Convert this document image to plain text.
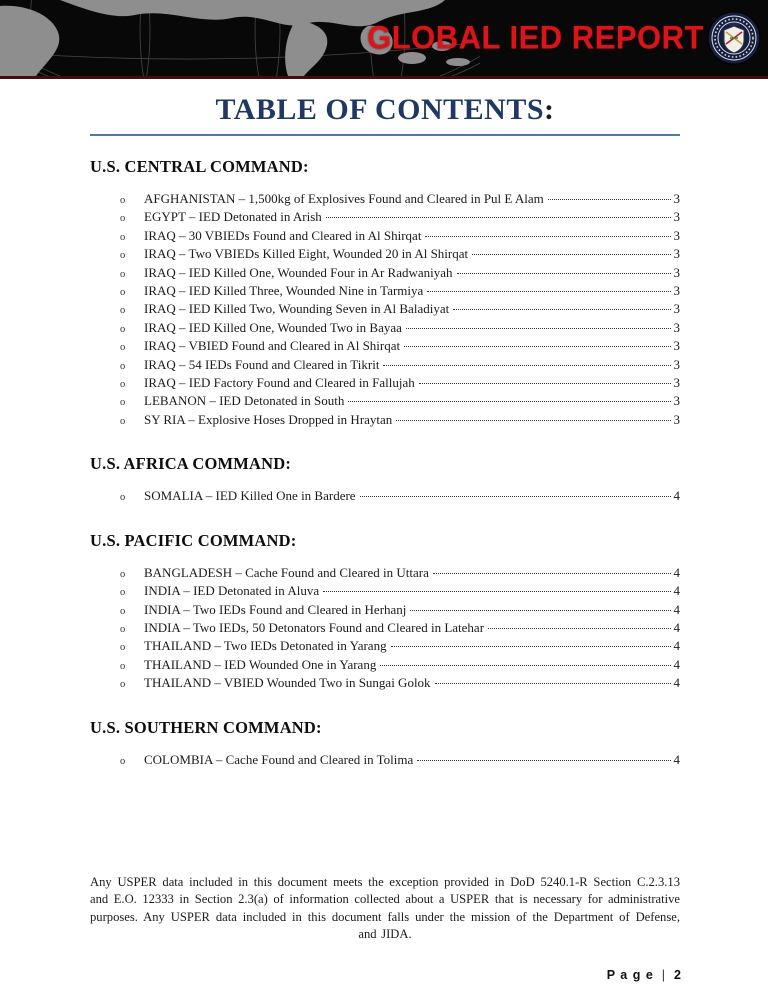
GLOBAL IED REPORT
TABLE OF CONTENTS:
U.S. CENTRAL COMMAND:
o	AFGHANISTAN – 1,500kg of Explosives Found and Cleared in Pul E Alam	3
o	EGYPT – IED Detonated in Arish	3
o	IRAQ – 30 VBIEDs Found and Cleared in Al Shirqat	3
o	IRAQ – Two VBIEDs Killed Eight, Wounded 20 in Al Shirqat	3
o	IRAQ – IED Killed One, Wounded Four in Ar Radwaniyah	3
o	IRAQ – IED Killed Three, Wounded Nine in Tarmiya	3
o	IRAQ – IED Killed Two, Wounding Seven in Al Baladiyat	3
o	IRAQ – IED Killed One, Wounded Two in Bayaa	3
o	IRAQ – VBIED Found and Cleared in Al Shirqat	3
o	IRAQ – 54 IEDs Found and Cleared in Tikrit	3
o	IRAQ – IED Factory Found and Cleared in Fallujah	3
o	LEBANON – IED Detonated in South	3
o	SY RIA – Explosive Hoses Dropped in Hraytan	3
U.S. AFRICA COMMAND:
o	SOMALIA – IED Killed One in Bardere	4
U.S. PACIFIC COMMAND:
o	BANGLADESH – Cache Found and Cleared in Uttara	4
o	INDIA – IED Detonated in Aluva	4
o	INDIA – Two IEDs Found and Cleared in Herhanj	4
o	INDIA – Two IEDs, 50 Detonators Found and Cleared in Latehar	4
o	THAILAND – Two IEDs Detonated in Yarang	4
o	THAILAND – IED Wounded One in Yarang	4
o	THAILAND – VBIED Wounded Two in Sungai Golok	4
U.S. SOUTHERN COMMAND:
o	COLOMBIA – Cache Found and Cleared in Tolima	4

Any USPER data included in this document meets the exception provided in DoD 5240.1-R Section C.2.3.13 and E.O. 12333 in Section 2.3(a) of information collected about a USPER that is necessary for administrative purposes. Any USPER data included in this document falls under the mission of the Department of Defense, and JIDA.

P a g e | 2
